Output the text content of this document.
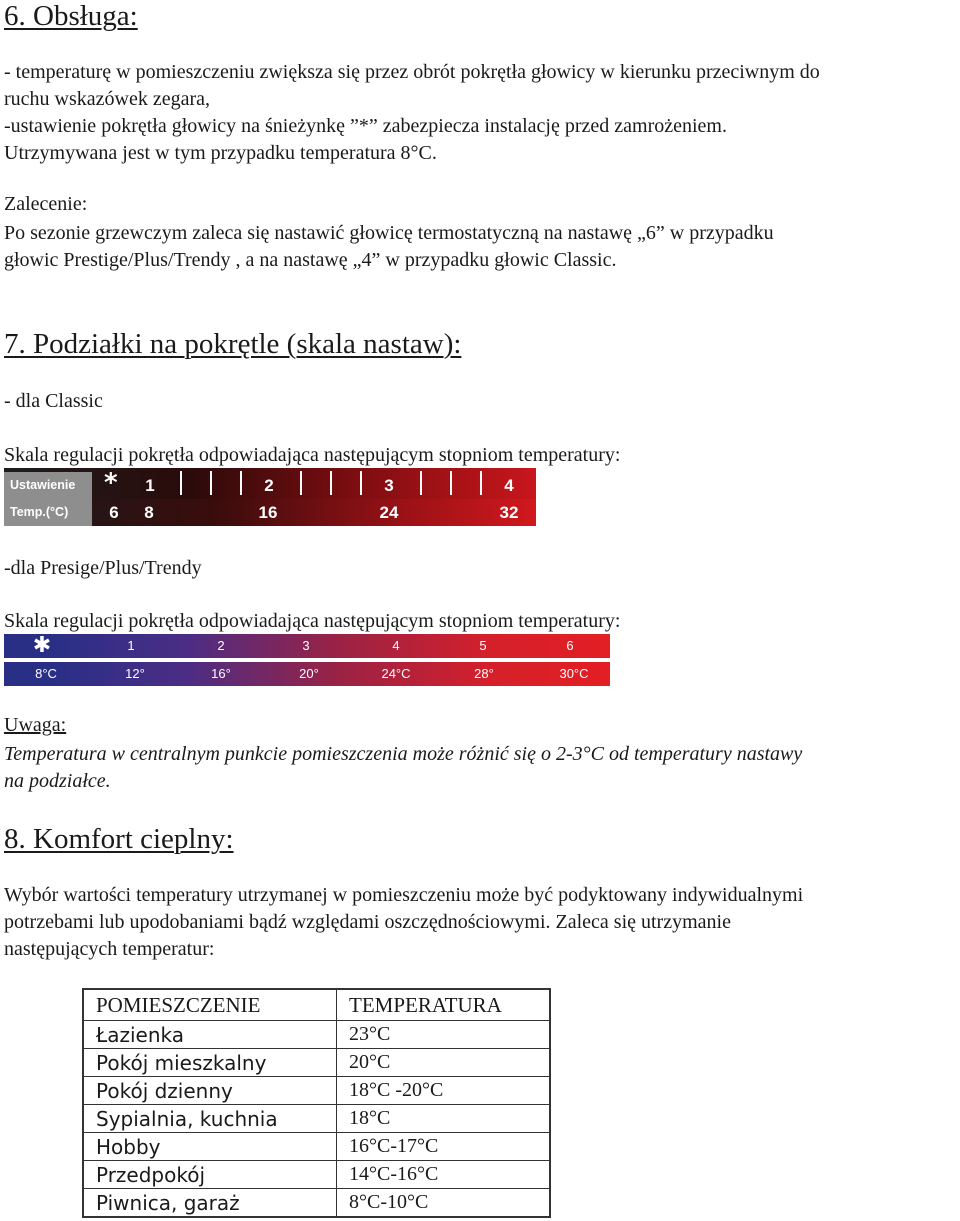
6. Obsługa:
- temperaturę w pomieszczeniu zwiększa się przez obrót pokrętła głowicy w kierunku przeciwnym do
ruchu wskazówek zegara,
-ustawienie pokrętła głowicy na śnieżynkę ”*” zabezpiecza instalację przed zamrożeniem.
Utrzymywana jest w tym przypadku temperatura 8°C.
Zalecenie:
Po sezonie grzewczym zaleca się nastawić głowicę termostatyczną na nastawę „6” w przypadku
głowic Prestige/Plus/Trendy , a na nastawę „4” w przypadku głowic Classic.
7. Podziałki na pokrętle (skala nastaw):
- dla Classic
Skala regulacji pokrętła odpowiadająca następującym stopniom temperatury:
Ustawienie	* 1	2	3	4
Temp.(°C)	6 8	16	24	32
-dla Presige/Plus/Trendy
Skala regulacji pokrętła odpowiadająca następującym stopniom temperatury:
✱	1	2	3	4	5	6
8°C	12°	16°	20°	24°C	28°	30°C
Uwaga:
Temperatura w centralnym punkcie pomieszczenia może różnić się o 2-3°C od temperatury nastawy
na podziałce.
8. Komfort cieplny:
Wybór wartości temperatury utrzymanej w pomieszczeniu może być podyktowany indywidualnymi
potrzebami lub upodobaniami bądź względami oszczędnościowymi. Zaleca się utrzymanie
następujących temperatur:
POMIESZCZENIE	TEMPERATURA
Łazienka	23°C
Pokój mieszkalny	20°C
Pokój dzienny	18°C -20°C
Sypialnia, kuchnia	18°C
Hobby	16°C-17°C
Przedpokój	14°C-16°C
Piwnica, garaż	8°C-10°C
